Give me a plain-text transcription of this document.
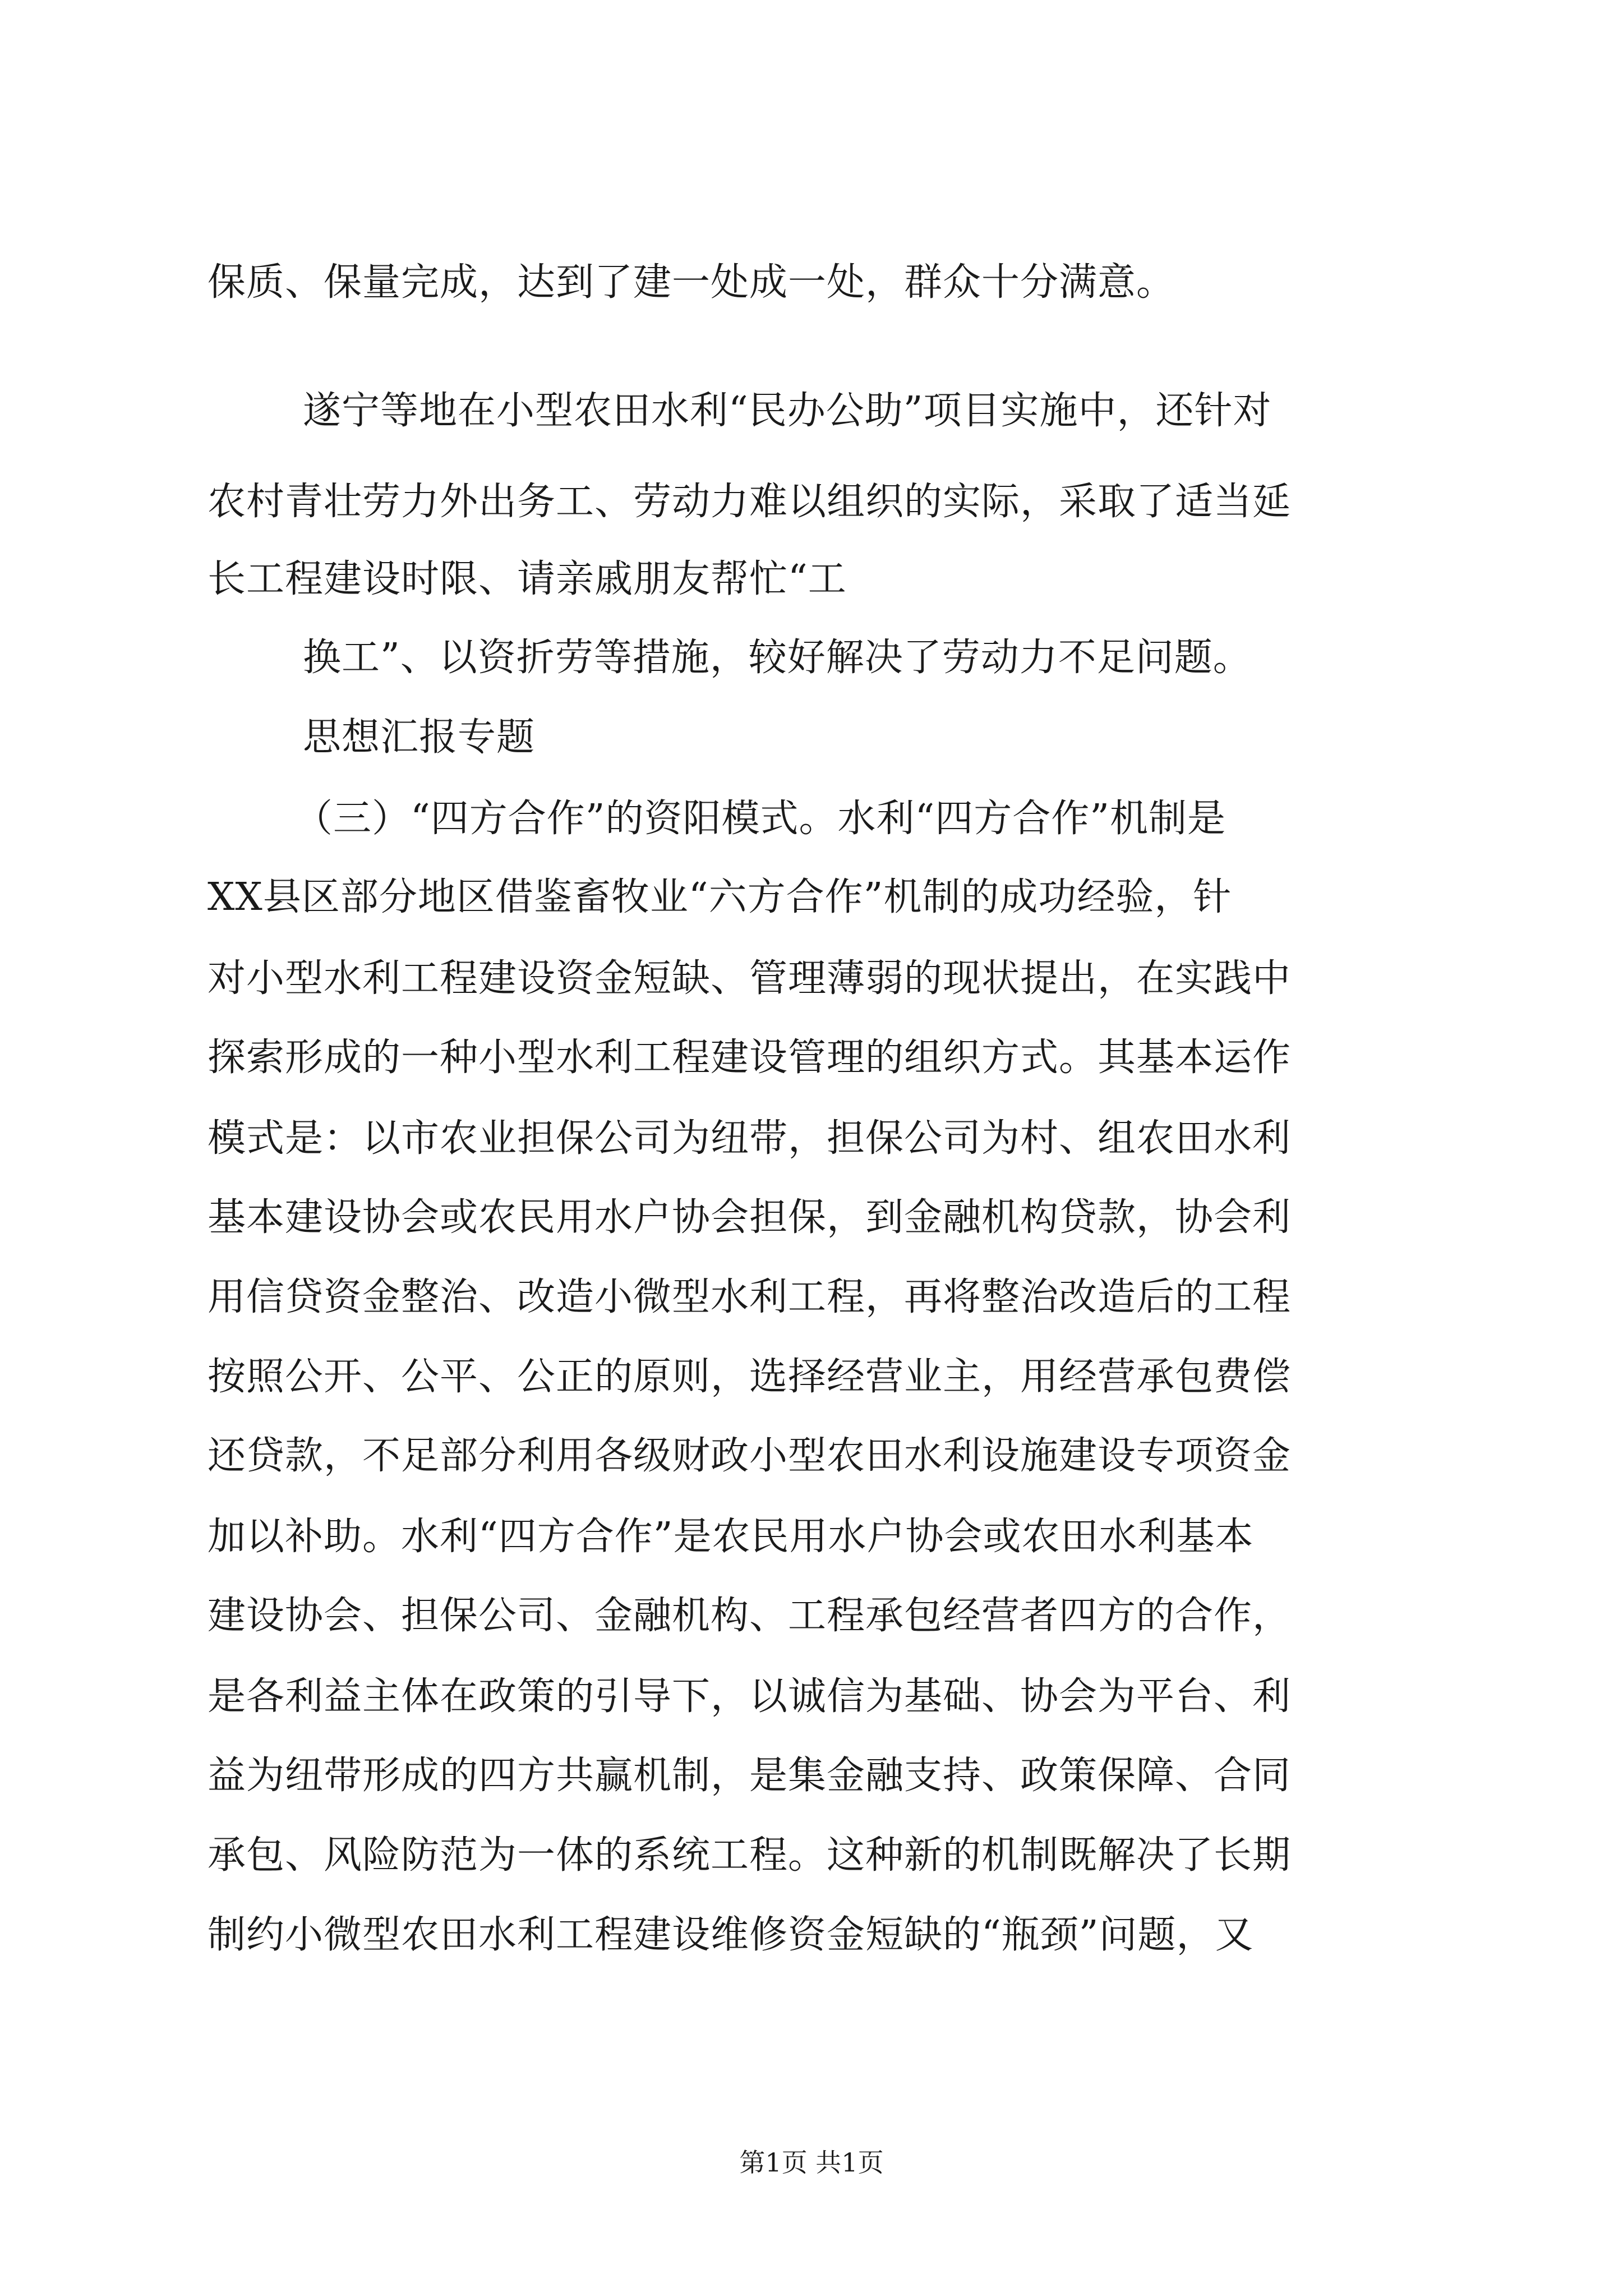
保质、保量完成，达到了建一处成一处，群众十分满意。
遂宁等地在小型农田水利“民办公助”项目实施中，还针对
农村青壮劳力外出务工、劳动力难以组织的实际，采取了适当延
长工程建设时限、请亲戚朋友帮忙“工
换工”、以资折劳等措施，较好解决了劳动力不足问题。
思想汇报专题
（三）“四方合作”的资阳模式。水利“四方合作”机制是
XX县区部分地区借鉴畜牧业“六方合作”机制的成功经验，针
对小型水利工程建设资金短缺、管理薄弱的现状提出，在实践中
探索形成的一种小型水利工程建设管理的组织方式。其基本运作
模式是：以市农业担保公司为纽带，担保公司为村、组农田水利
基本建设协会或农民用水户协会担保，到金融机构贷款，协会利
用信贷资金整治、改造小微型水利工程，再将整治改造后的工程
按照公开、公平、公正的原则，选择经营业主，用经营承包费偿
还贷款，不足部分利用各级财政小型农田水利设施建设专项资金
加以补助。水利“四方合作”是农民用水户协会或农田水利基本
建设协会、担保公司、金融机构、工程承包经营者四方的合作，
是各利益主体在政策的引导下，以诚信为基础、协会为平台、利
益为纽带形成的四方共赢机制，是集金融支持、政策保障、合同
承包、风险防范为一体的系统工程。这种新的机制既解决了长期
制约小微型农田水利工程建设维修资金短缺的“瓶颈”问题，又
第1页 共1页
